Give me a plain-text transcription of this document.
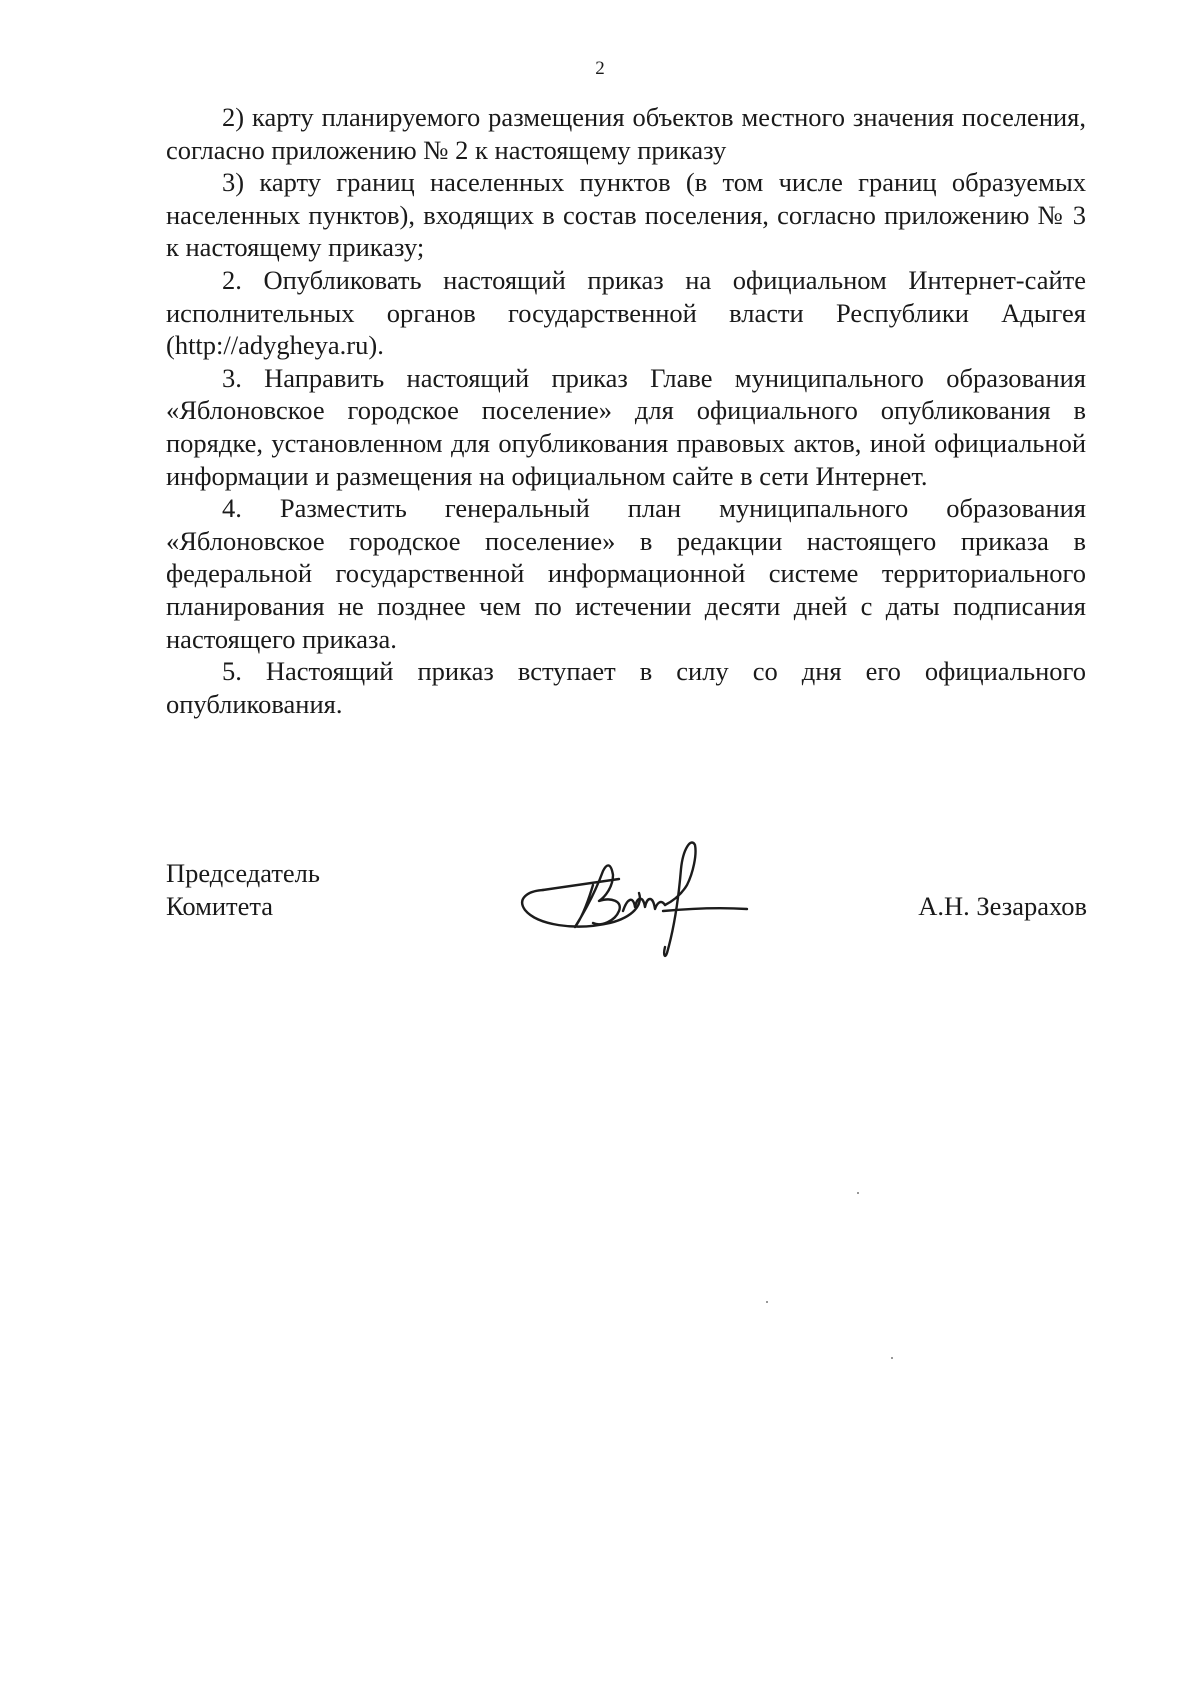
2

2) карту планируемого размещения объектов местного значения поселения, согласно приложению № 2 к настоящему приказу

3) карту границ населенных пунктов (в том числе границ образуемых населенных пунктов), входящих в состав поселения, согласно приложению № 3 к настоящему приказу;

2. Опубликовать настоящий приказ на официальном Интернет-сайте исполнительных органов государственной власти Республики Адыгея (http://adygheya.ru).

3. Направить настоящий приказ Главе муниципального образования «Яблоновское городское поселение» для официального опубликования в порядке, установленном для опубликования правовых актов, иной официальной информации и размещения на официальном сайте в сети Интернет.

4. Разместить генеральный план муниципального образования «Яблоновское городское поселение» в редакции настоящего приказа в федеральной государственной информационной системе территориального планирования не позднее чем по истечении десяти дней с даты подписания настоящего приказа.

5. Настоящий приказ вступает в силу со дня его официального опубликования.

Председатель
Комитета	А.Н. Зезарахов
